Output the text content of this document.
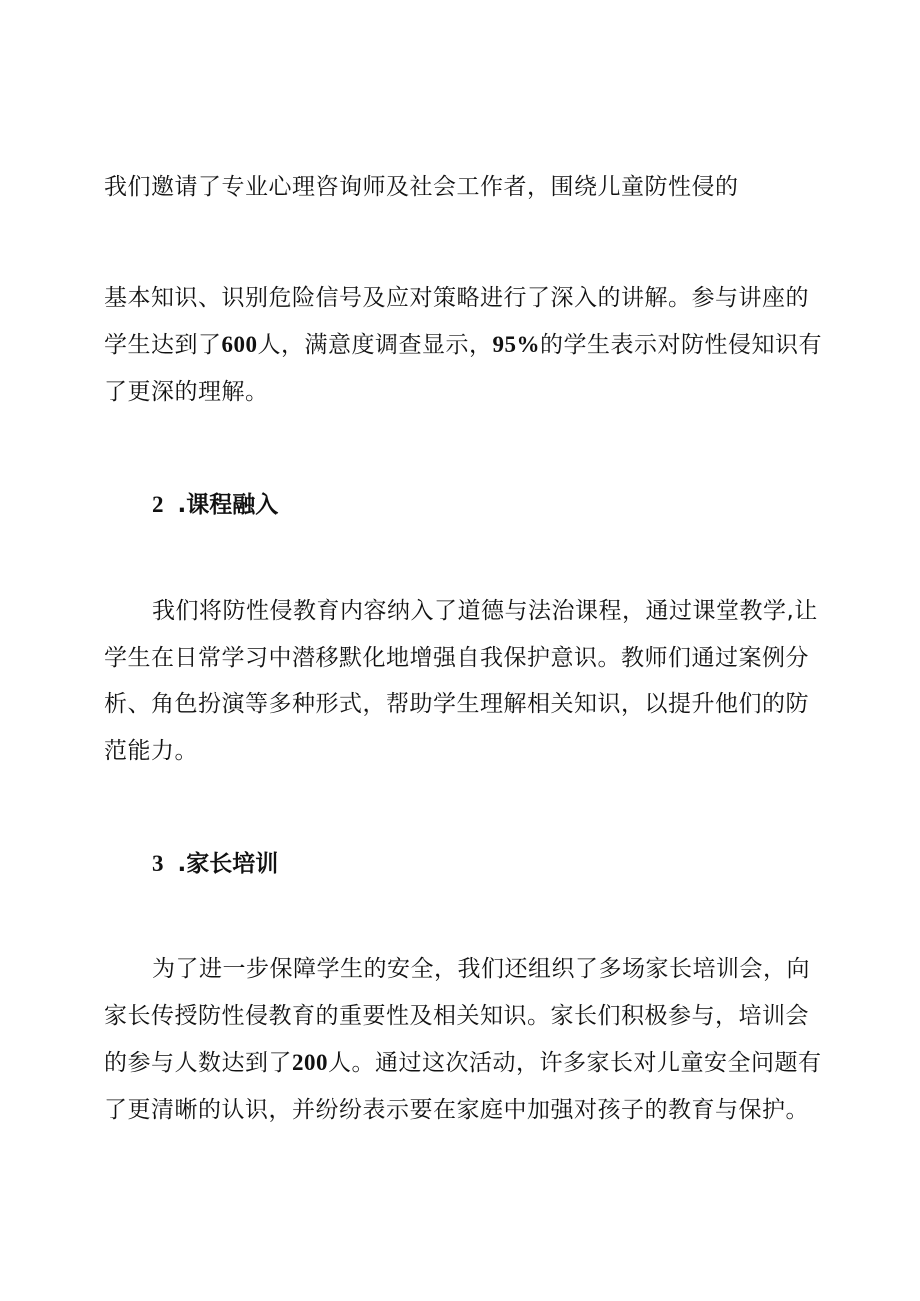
我们邀请了专业心理咨询师及社会工作者，围绕儿童防性侵的
基本知识、识别危险信号及应对策略进行了深入的讲解。参与讲座的
学生达到了600人，满意度调查显示，95%的学生表示对防性侵知识有
了更深的理解。
2 .课程融入
我们将防性侵教育内容纳入了道德与法治课程，通过课堂教学,让
学生在日常学习中潜移默化地增强自我保护意识。教师们通过案例分
析、角色扮演等多种形式，帮助学生理解相关知识，以提升他们的防
范能力。
3 .家长培训
为了进一步保障学生的安全，我们还组织了多场家长培训会，向
家长传授防性侵教育的重要性及相关知识。家长们积极参与，培训会
的参与人数达到了200人。通过这次活动，许多家长对儿童安全问题有
了更清晰的认识，并纷纷表示要在家庭中加强对孩子的教育与保护。
